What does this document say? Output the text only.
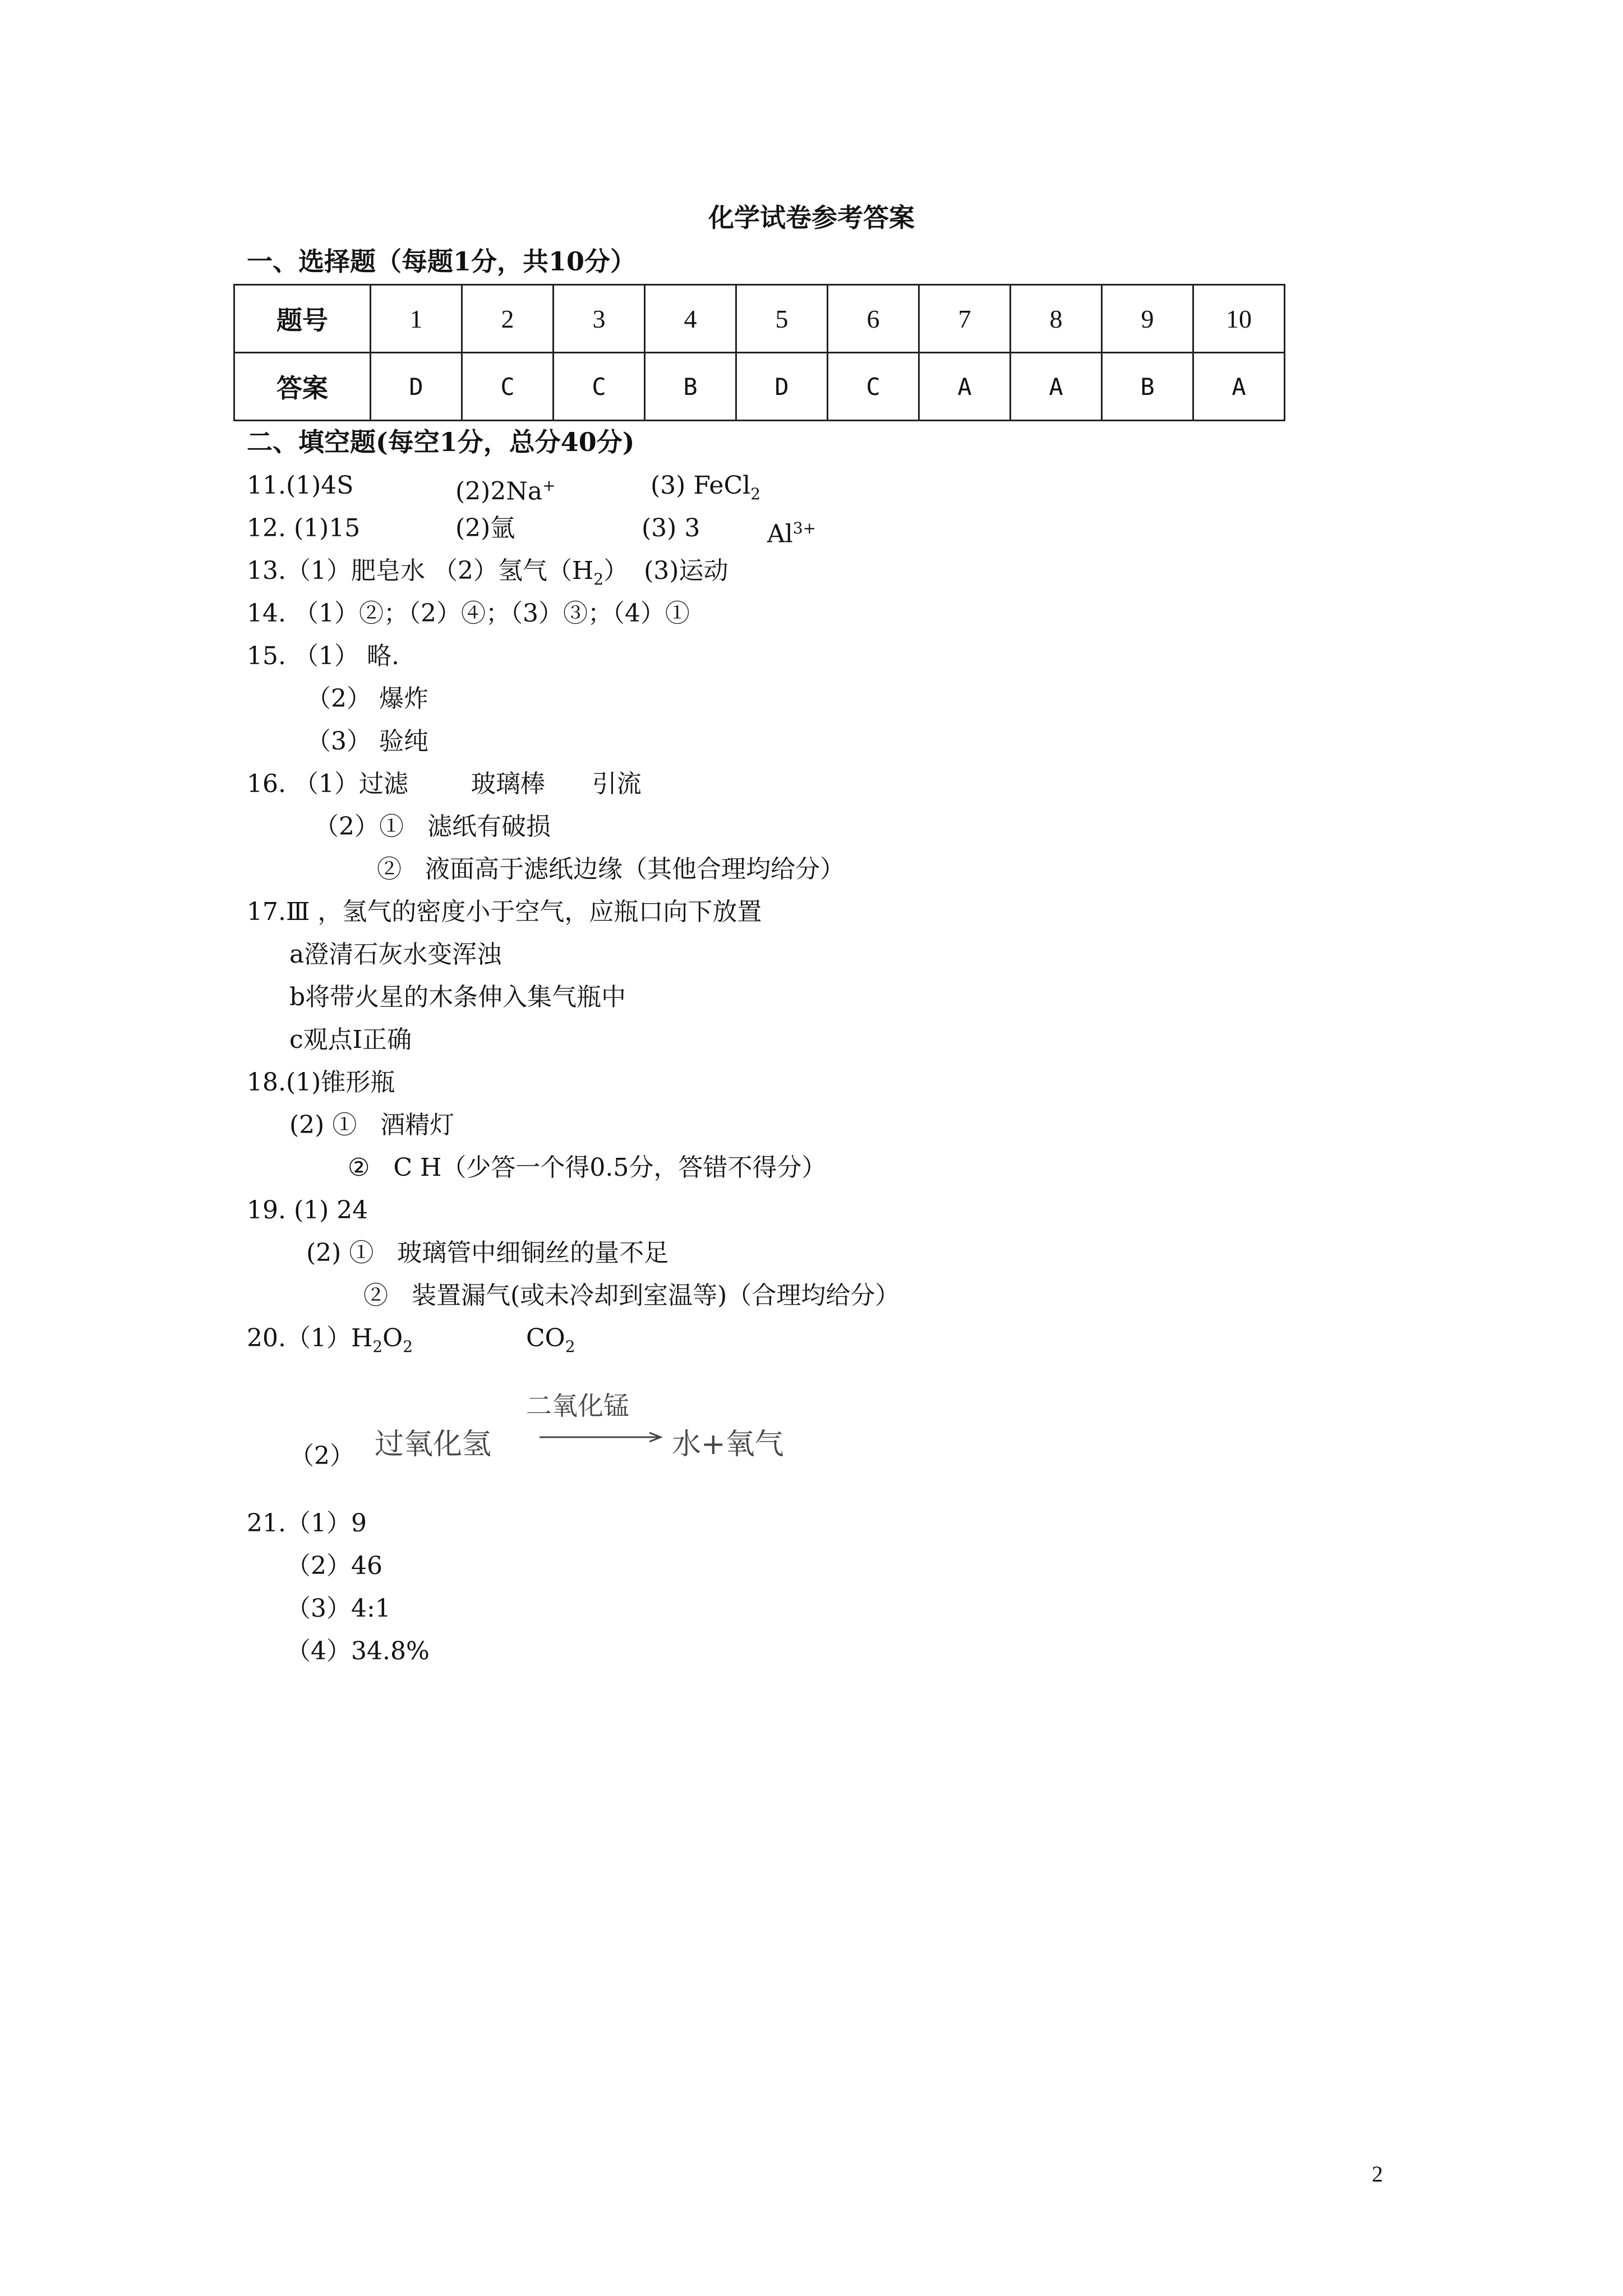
化学试卷参考答案
一、选择题（每题1分，共10分）
题号	1	2	3	4	5	6	7	8	9	10
答案	D	C	C	B	D	C	A	A	B	A
二、填空题(每空1分，总分40分)
11.(1)4S	(2)2Na+	(3) FeCl$_2$
12. (1)15	(2)氩	(3) 3	$Al^{3+}$
13.（1）肥皂水 （2）氢气$(H_2)$  (3)运动
14. （1）②；（2）④；（3）③；（4）①
15. （1） 略.
（2） 爆炸
（3） 验纯
16. （1）过滤        玻璃棒      引流
（2）①   滤纸有破损
②   液面高于滤纸边缘（其他合理均给分）
17.Ⅲ ，氢气的密度小于空气，应瓶口向下放置
a澄清石灰水变浑浊
b将带火星的木条伸入集气瓶中
c观点Ⅰ正确
18.(1)锥形瓶
(2) ①   酒精灯
②   C H（少答一个得0.5分，答错不得分）
19. (1) 24
(2) ①   玻璃管中细铜丝的量不足
②   装置漏气(或未冷却到室温等)（合理均给分）
$20.(1)H_2O_2$	$CO_2$
（2）
二氧化锰
过氧化氢	水+氧气
21.（1）9
（2）46
（3）4:1
（4）34.8%
2
